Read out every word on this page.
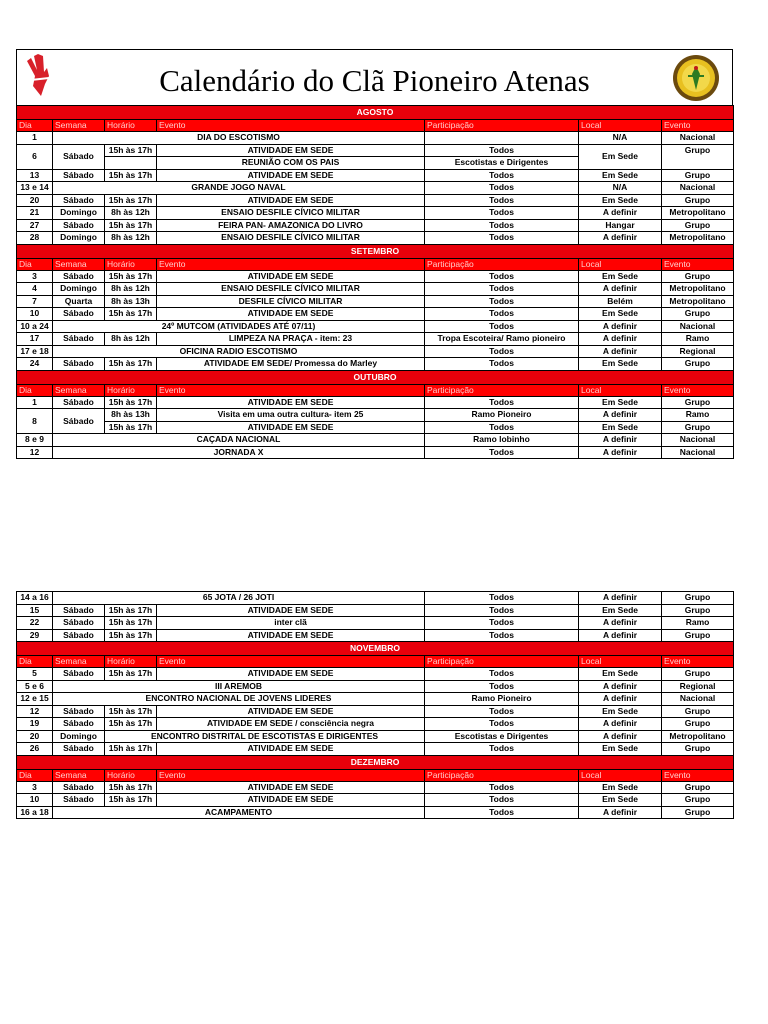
Calendário do Clã Pioneiro Atenas
AGOSTO						
Dia	Semana	Horário	Evento	Participação	Local	Evento
1	DIA DO ESCOTISMO				N/A	Nacional
6	Sábado	15h às 17h	ATIVIDADE EM SEDE	Todos	Em Sede	Grupo
			REUNIÃO COM OS PAIS	Escotistas e Dirigentes		
13	Sábado	15h às 17h	ATIVIDADE EM SEDE	Todos	Em Sede	Grupo
13 e 14	GRANDE JOGO NAVAL			Todos	N/A	Nacional
20	Sábado	15h às 17h	ATIVIDADE EM SEDE	Todos	Em Sede	Grupo
21	Domingo	8h às 12h	ENSAIO DESFILE CÍVICO MILITAR	Todos	A definir	Metropolitano
27	Sábado	15h às 17h	FEIRA PAN- AMAZONICA DO LIVRO	Todos	Hangar	Grupo
28	Domingo	8h às 12h	ENSAIO DESFILE CÍVICO MILITAR	Todos	A definir	Metropolitano
SETEMBRO						
Dia	Semana	Horário	Evento	Participação	Local	Evento
3	Sábado	15h às 17h	ATIVIDADE EM SEDE	Todos	Em Sede	Grupo
4	Domingo	8h às 12h	ENSAIO DESFILE CÍVICO MILITAR	Todos	A definir	Metropolitano
7	Quarta	8h às 13h	DESFILE CÍVICO MILITAR	Todos	Belém	Metropolitano
10	Sábado	15h às 17h	ATIVIDADE EM SEDE	Todos	Em Sede	Grupo
10 a 24	24º MUTCOM (ATIVIDADES ATÉ 07/11)			Todos	A definir	Nacional
17	Sábado	8h às 12h	LIMPEZA NA PRAÇA - item: 23	Tropa Escoteira/ Ramo pioneiro	A definir	Ramo
17 e 18	OFICINA RADIO ESCOTISMO			Todos	A definir	Regional
24	Sábado	15h às 17h	ATIVIDADE EM SEDE/ Promessa do Marley	Todos	Em Sede	Grupo
OUTUBRO						
Dia	Semana	Horário	Evento	Participação	Local	Evento
1	Sábado	15h às 17h	ATIVIDADE EM SEDE	Todos	Em Sede	Grupo
8	Sábado	8h às 13h	Visita em uma outra cultura- item 25	Ramo Pioneiro	A definir	Ramo
		15h às 17h	ATIVIDADE EM SEDE	Todos	Em Sede	Grupo
8 e 9	CAÇADA NACIONAL			Ramo lobinho	A definir	Nacional
12	JORNADA X			Todos	A definir	Nacional
14 a 16	65 JOTA / 26 JOTI			Todos	A definir	Grupo
15	Sábado	15h às 17h	ATIVIDADE EM SEDE	Todos	Em Sede	Grupo
22	Sábado	15h às 17h	inter clã	Todos	A definir	Ramo
29	Sábado	15h às 17h	ATIVIDADE EM SEDE	Todos	A definir	Grupo
NOVEMBRO						
Dia	Semana	Horário	Evento	Participação	Local	Evento
5	Sábado	15h às 17h	ATIVIDADE EM SEDE	Todos	Em Sede	Grupo
5 e 6	III AREMOB			Todos	A definir	Regional
12 e 15	ENCONTRO NACIONAL DE JOVENS LIDERES			Ramo Pioneiro	A definir	Nacional
12	Sábado	15h às 17h	ATIVIDADE EM SEDE	Todos	Em Sede	Grupo
19	Sábado	15h às 17h	ATIVIDADE EM SEDE / consciência negra	Todos	A definir	Grupo
20	Domingo	ENCONTRO DISTRITAL DE ESCOTISTAS E DIRIGENTES		Escotistas e Dirigentes	A definir	Metropolitano
26	Sábado	15h às 17h	ATIVIDADE EM SEDE	Todos	Em Sede	Grupo
DEZEMBRO						
Dia	Semana	Horário	Evento	Participação	Local	Evento
3	Sábado	15h às 17h	ATIVIDADE EM SEDE	Todos	Em Sede	Grupo
10	Sábado	15h às 17h	ATIVIDADE EM SEDE	Todos	Em Sede	Grupo
16 a 18	ACAMPAMENTO			Todos	A definir	Grupo
